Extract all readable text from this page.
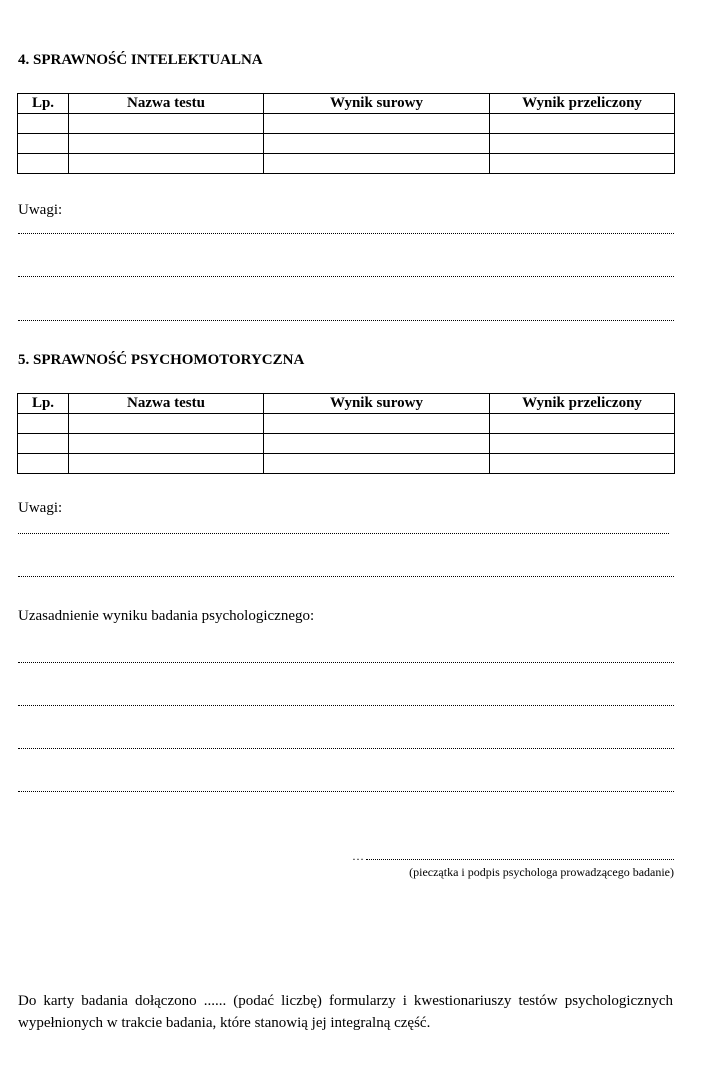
4. SPRAWNOŚĆ INTELEKTUALNA
Lp.	Nazwa testu	Wynik surowy	Wynik przeliczony

Uwagi:
5. SPRAWNOŚĆ PSYCHOMOTORYCZNA
Lp.	Nazwa testu	Wynik surowy	Wynik przeliczony

Uwagi:
Uzasadnienie wyniku badania psychologicznego:
…
(pieczątka i podpis psychologa prowadzącego badanie)
Do karty badania dołączono ...... (podać liczbę) formularzy i kwestionariuszy testów psychologicznych wypełnionych w trakcie badania, które stanowią jej integralną część.
